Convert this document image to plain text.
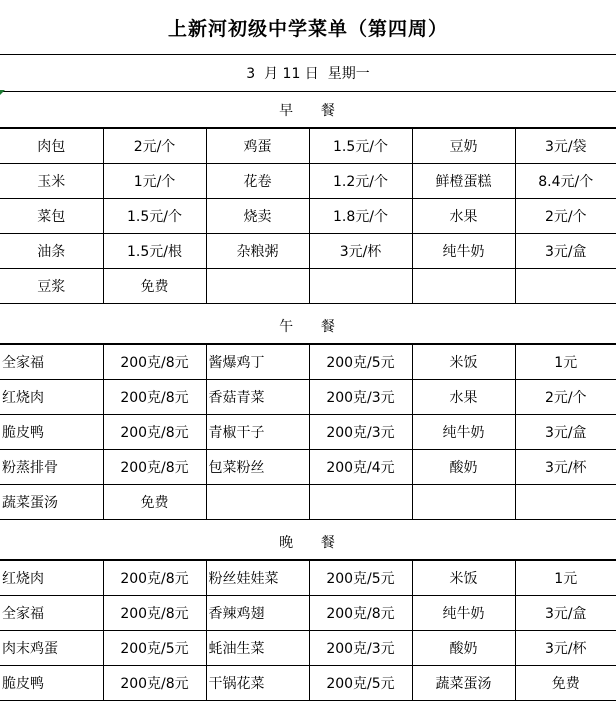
上新河初级中学菜单（第四周）
3  月 11 日  星期一
早    餐
肉包	2元/个	鸡蛋	1.5元/个	豆奶	3元/袋
玉米	1元/个	花卷	1.2元/个	鲜橙蛋糕	8.4元/个
菜包	1.5元/个	烧卖	1.8元/个	水果	2元/个
油条	1.5元/根	杂粮粥	3元/杯	纯牛奶	3元/盒
豆浆	免费				
午    餐
全家福	200克/8元	酱爆鸡丁	200克/5元	米饭	1元
红烧肉	200克/8元	香菇青菜	200克/3元	水果	2元/个
脆皮鸭	200克/8元	青椒干子	200克/3元	纯牛奶	3元/盒
粉蒸排骨	200克/8元	包菜粉丝	200克/4元	酸奶	3元/杯
蔬菜蛋汤	免费				
晚    餐
红烧肉	200克/8元	粉丝娃娃菜	200克/5元	米饭	1元
全家福	200克/8元	香辣鸡翅	200克/8元	纯牛奶	3元/盒
肉末鸡蛋	200克/5元	蚝油生菜	200克/3元	酸奶	3元/杯
脆皮鸭	200克/8元	干锅花菜	200克/5元	蔬菜蛋汤	免费
